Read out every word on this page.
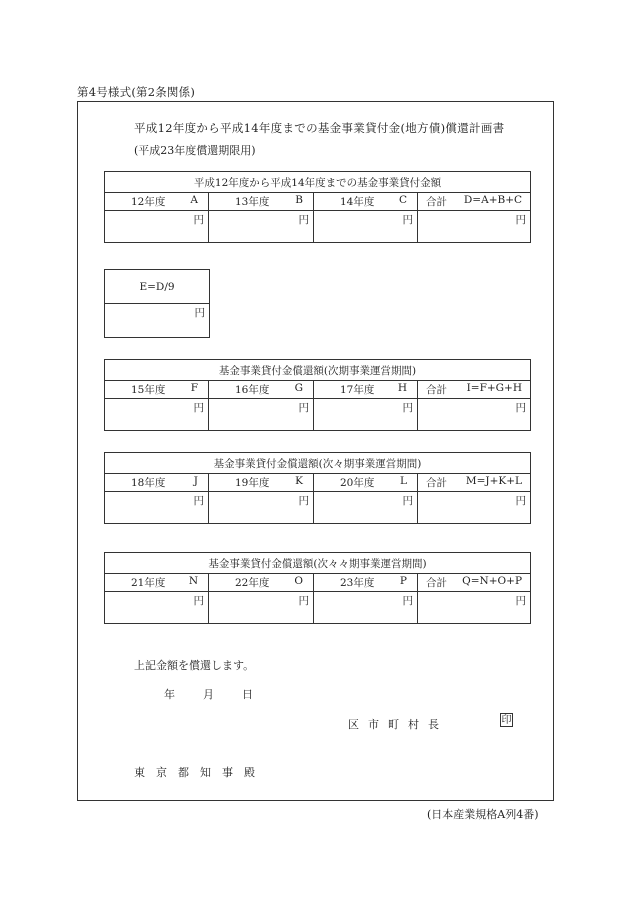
第4号様式(第2条関係)
平成12年度から平成14年度までの基金事業貸付金(地方債)償還計画書
(平成23年度償還期限用)
平成12年度から平成14年度までの基金事業貸付金額			

12年度 A	13年度 B	14年度 C	合計 D=A+B+C

円	円	円	円
E=D/9
円
基金事業貸付金償還額(次期事業運営期間)			

15年度 F	16年度 G	17年度 H	合計 I=F+G+H

円	円	円	円
基金事業貸付金償還額(次々期事業運営期間)			

18年度 J	19年度 K	20年度 L	合計 M=J+K+L

円	円	円	円
基金事業貸付金償還額(次々々期事業運営期間)			

21年度 N	22年度 O	23年度 P	合計 Q=N+O+P

円	円	円	円
上記金額を償還します。
年	月	日
区市町村長	印
東京都知事殿
(日本産業規格A列4番)
